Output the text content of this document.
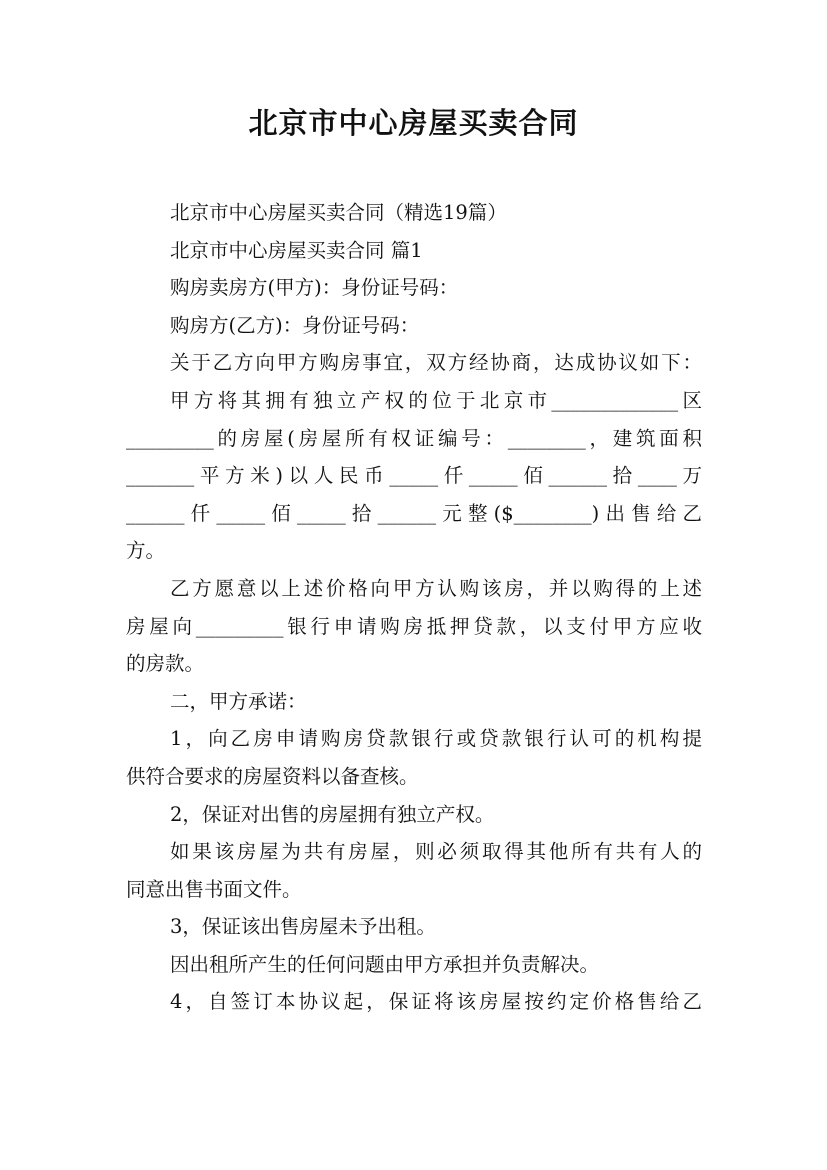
北京市中心房屋买卖合同
北京市中心房屋买卖合同（精选19篇）
北京市中心房屋买卖合同 篇1
购房卖房方(甲方)：身份证号码：
购房方(乙方)：身份证号码：
关于乙方向甲方购房事宜，双方经协商，达成协议如下：
甲方将其拥有独立产权的位于北京市_____________区
_________的房屋(房屋所有权证编号：________，建筑面积
_______平方米)以人民币_____仟_____佰______拾____万
______仟_____佰_____拾______元整($________)出售给乙
方。
乙方愿意以上述价格向甲方认购该房，并以购得的上述
房屋向_________银行申请购房抵押贷款，以支付甲方应收
的房款。
二，甲方承诺：
1，向乙房申请购房贷款银行或贷款银行认可的机构提
供符合要求的房屋资料以备查核。
2，保证对出售的房屋拥有独立产权。
如果该房屋为共有房屋，则必须取得其他所有共有人的
同意出售书面文件。
3，保证该出售房屋未予出租。
因出租所产生的任何问题由甲方承担并负责解决。
4，自签订本协议起，保证将该房屋按约定价格售给乙
